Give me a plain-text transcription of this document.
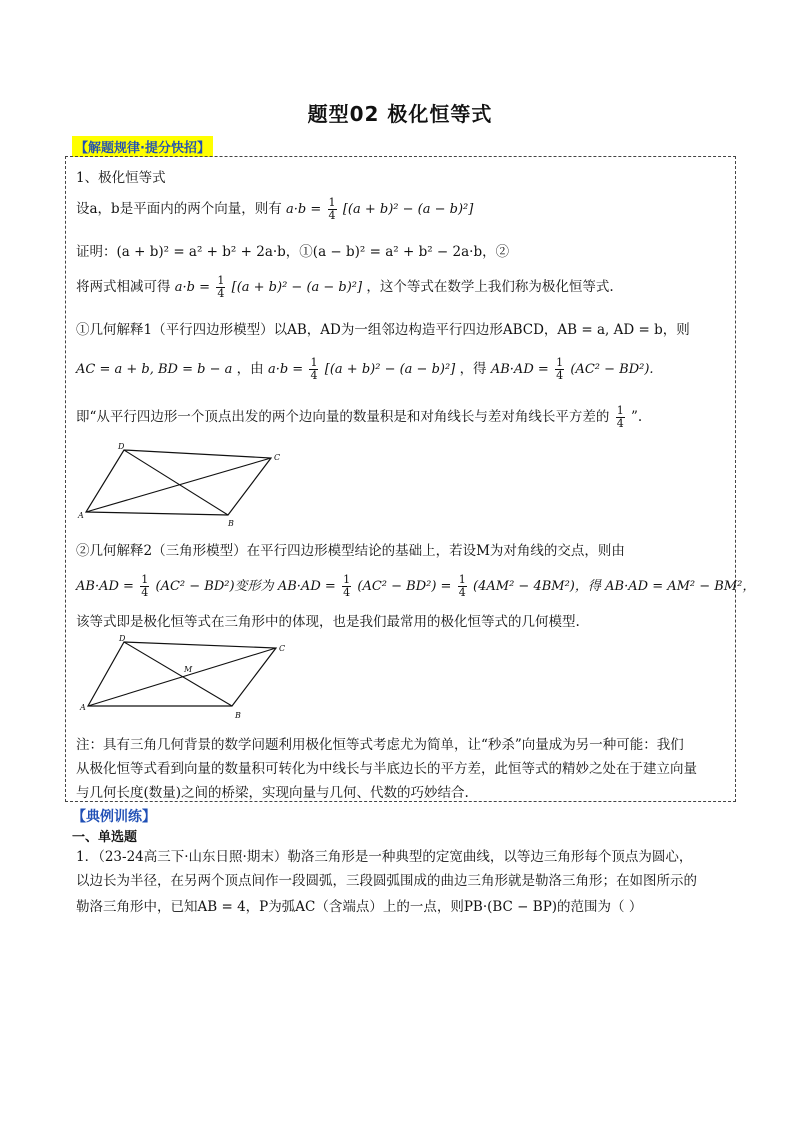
题型02 极化恒等式
【解题规律·提分快招】
1、极化恒等式
设a，b是平面内的两个向量，则有 $a\cdot b = \frac{1}{4} [(a + b)^2 - (a - b)^2]$
证明：(a + b)² = a² + b² + 2a·b，①(a − b)² = a² + b² − 2a·b，②
将两式相减可得 $a\cdot b = \frac{1}{4} [(a + b)^2 - (a - b)^2]$ ，这个等式在数学上我们称为极化恒等式.
①几何解释1（平行四边形模型）以AB，AD为一组邻边构造平行四边形ABCD，AB = a, AD = b，则
AC = a + b, BD = b − a ，由 $a\cdot b = \frac{1}{4} [(a + b)^2 - (a - b)^2]$ ，得 $AB\cdot AD = \frac{1}{4} (AC^2 - BD^2)$.
即“从平行四边形一个顶点出发的两个边向量的数量积是和对角线长与差对角线长平方差的 $\frac{1}{4}$ ”.
A
B
C
D
②几何解释2（三角形模型）在平行四边形模型结论的基础上，若设M为对角线的交点，则由
$AB\cdot AD = \frac{1}{4} (AC^2 - BD^2)$变形为 $AB\cdot AD = \frac{1}{4} (AC^2 - BD^2) = \frac{1}{4} (4AM^2 - 4BM^2)$，得 AB·AD = AM² − BM²，
该等式即是极化恒等式在三角形中的体现，也是我们最常用的极化恒等式的几何模型.
A
B
C
D
M
注：具有三角几何背景的数学问题利用极化恒等式考虑尤为简单，让“秒杀”向量成为另一种可能：我们
从极化恒等式看到向量的数量积可转化为中线长与半底边长的平方差，此恒等式的精妙之处在于建立向量
与几何长度(数量)之间的桥梁，实现向量与几何、代数的巧妙结合.
【典例训练】
一、单选题
1．（23-24高三下·山东日照·期末）勒洛三角形是一种典型的定宽曲线，以等边三角形每个顶点为圆心，
以边长为半径，在另两个顶点间作一段圆弧，三段圆弧围成的曲边三角形就是勒洛三角形；在如图所示的
勒洛三角形中，已知AB = 4，P为弧AC（含端点）上的一点，则PB·(BC − BP)的范围为（ ）
